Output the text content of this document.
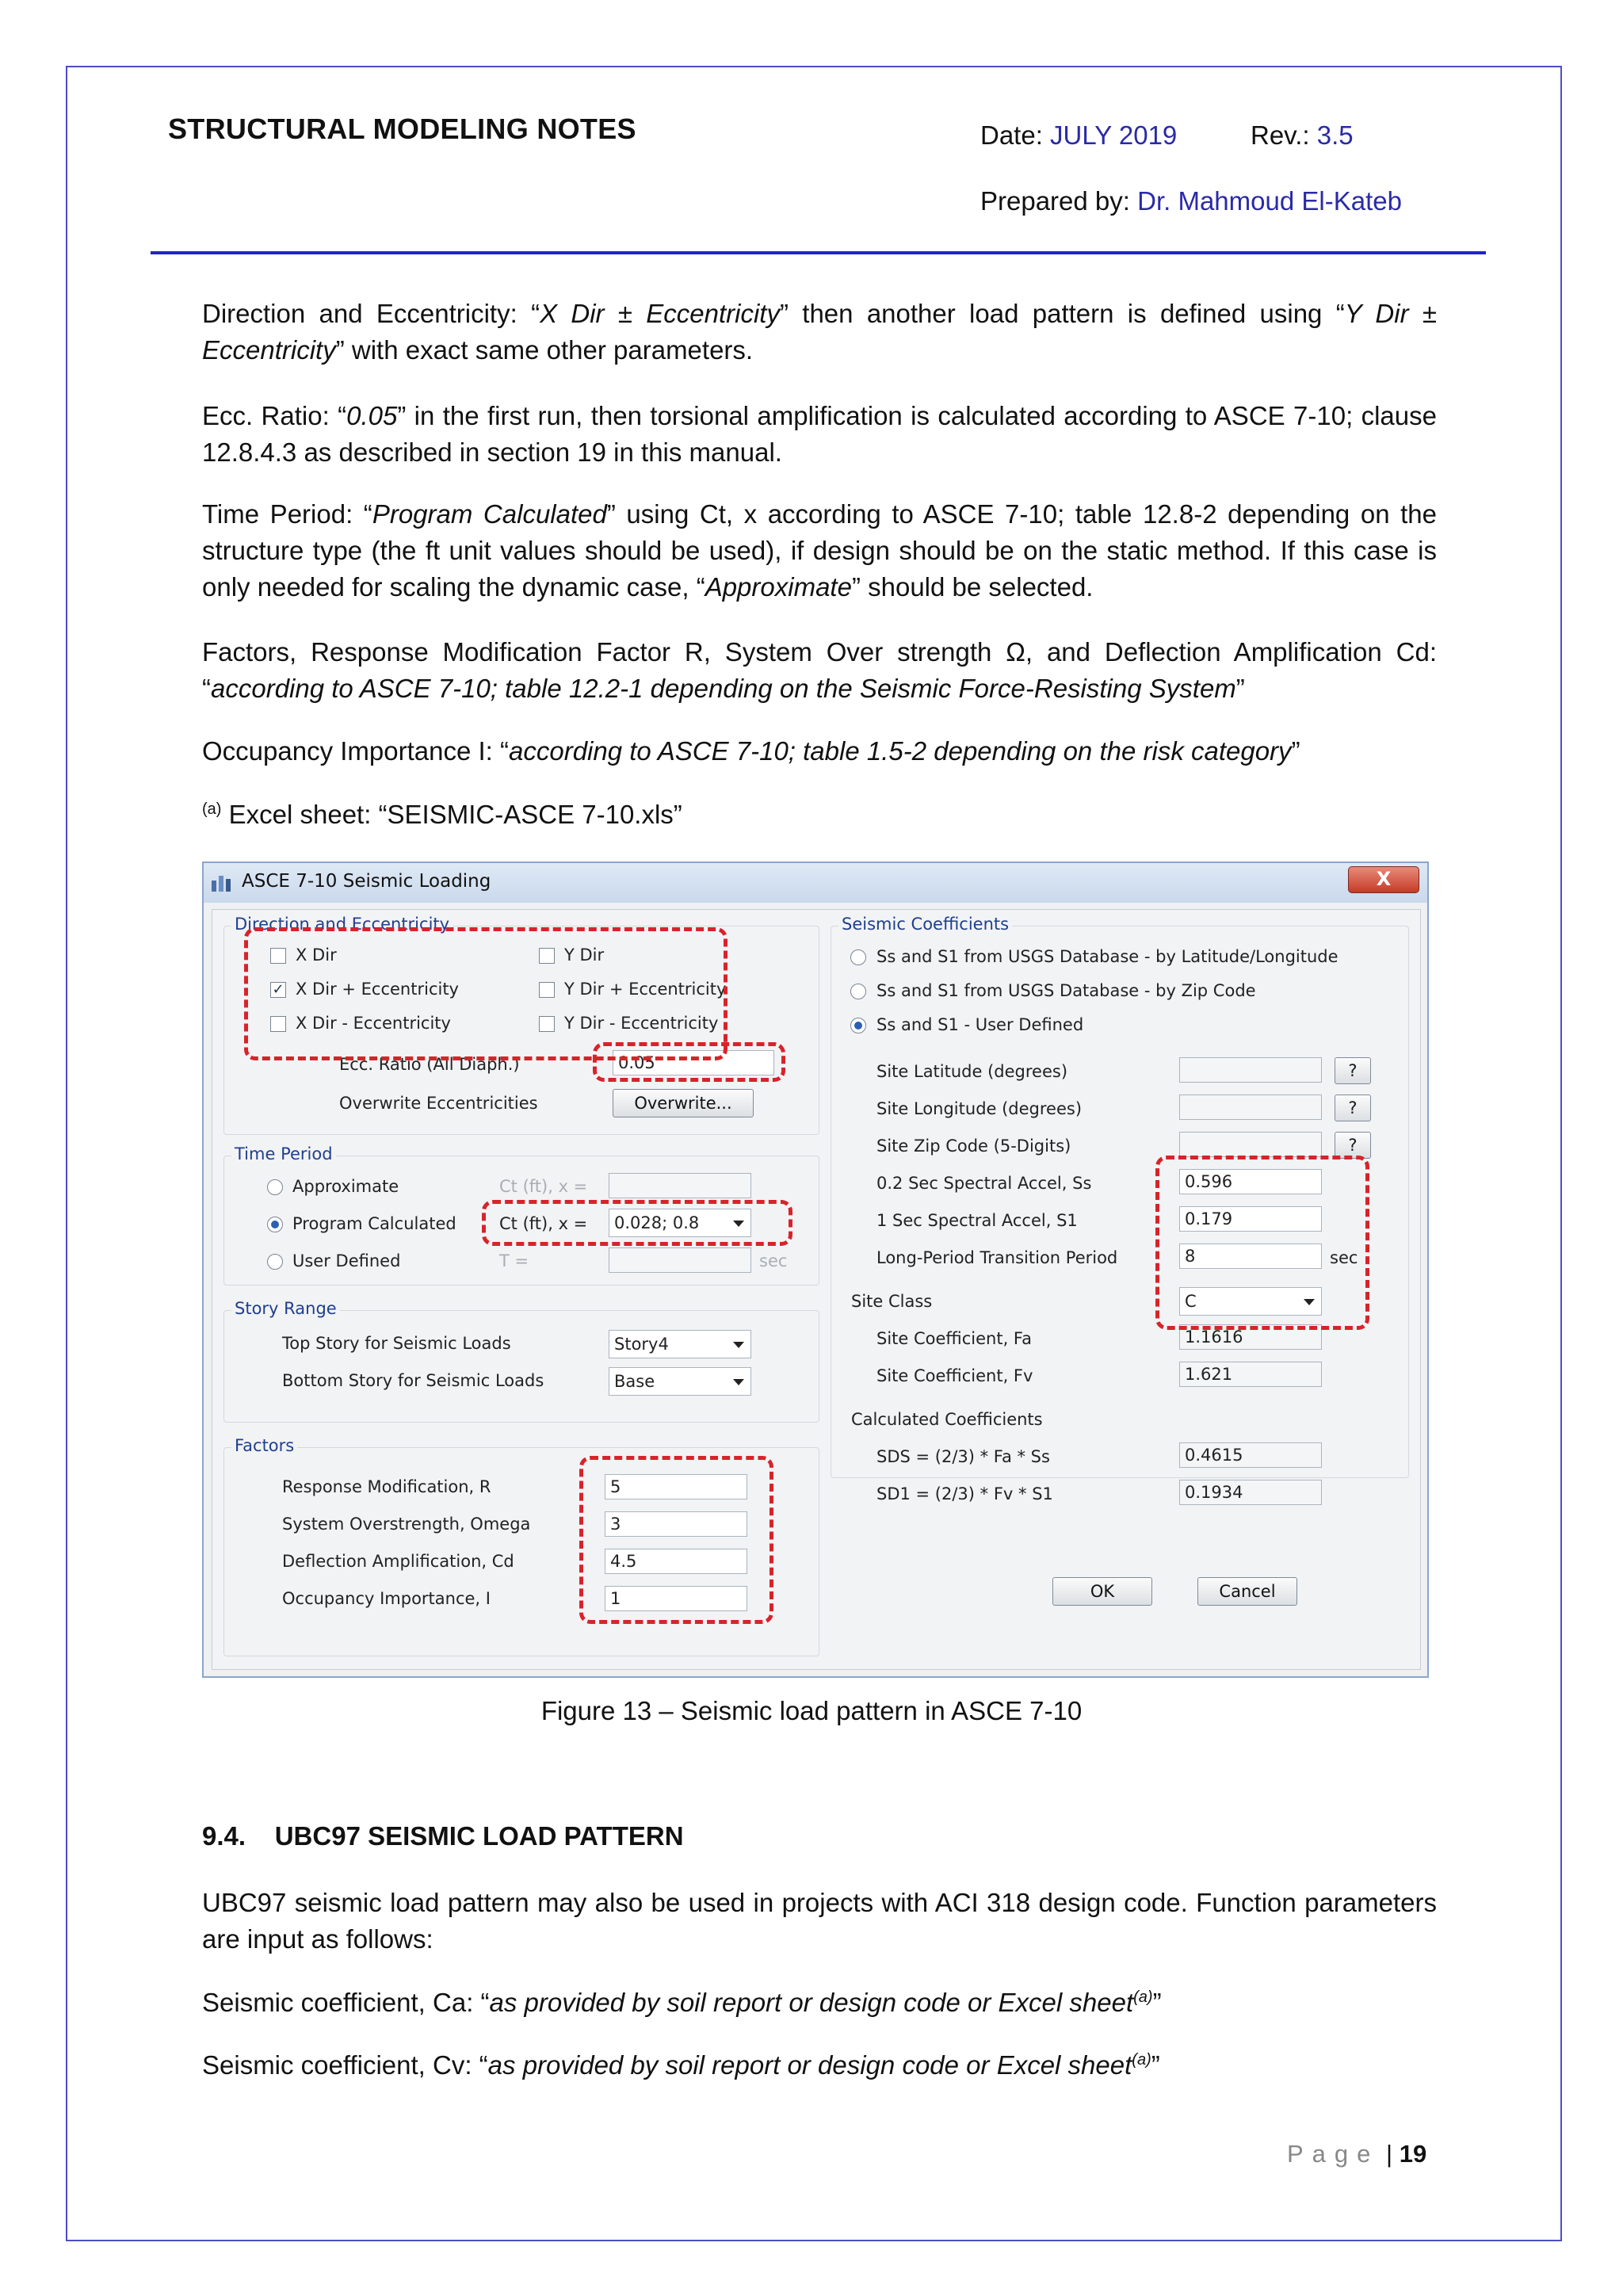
STRUCTURAL MODELING NOTES	Date: JULY 2019	Rev.: 3.5
Prepared by: Dr. Mahmoud El-Kateb
Direction and Eccentricity: “X Dir ± Eccentricity” then another load pattern is defined using “Y Dir ± Eccentricity” with exact same other parameters.
Ecc. Ratio: “0.05” in the first run, then torsional amplification is calculated according to ASCE 7-10; clause 12.8.4.3 as described in section 19 in this manual.
Time Period: “Program Calculated” using Ct, x according to ASCE 7-10; table 12.8-2 depending on the structure type (the ft unit values should be used), if design should be on the static method. If this case is only needed for scaling the dynamic case, “Approximate” should be selected.
Factors, Response Modification Factor R, System Over strength Ω, and Deflection Amplification Cd: “according to ASCE 7-10; table 12.2-1 depending on the Seismic Force-Resisting System”
Occupancy Importance I: “according to ASCE 7-10; table 1.5-2 depending on the risk category”
$^{(a)}$ Excel sheet: “SEISMIC-ASCE 7-10.xls”
ASCE 7-10 Seismic Loading	X
Direction and Eccentricity
X Dir
✓ X Dir + Eccentricity
X Dir - Eccentricity
Y Dir
Y Dir + Eccentricity
Y Dir - Eccentricity
Ecc. Ratio (All Diaph.)	0.05
Overwrite Eccentricities	Overwrite...
Time Period
Approximate
Program Calculated
User Defined
Ct (ft), x =
Ct (ft), x =	0.028; 0.8
T =	sec
Story Range
Top Story for Seismic Loads	Story4
Bottom Story for Seismic Loads	Base
Factors
Response Modification, R	5
System Overstrength, Omega	3
Deflection Amplification, Cd	4.5
Occupancy Importance, I	1
Seismic Coefficients
Ss and S1 from USGS Database - by Latitude/Longitude
Ss and S1 from USGS Database - by Zip Code
Ss and S1 - User Defined
Site Latitude (degrees)	?
Site Longitude (degrees)	?
Site Zip Code (5-Digits)	?
0.2 Sec Spectral Accel, Ss	0.596
1 Sec Spectral Accel, S1	0.179
Long-Period Transition Period	8	sec
Site Class	C
Site Coefficient, Fa	1.1616
Site Coefficient, Fv	1.621
Calculated Coefficients
SDS = (2/3) * Fa * Ss	0.4615
SD1 = (2/3) * Fv * S1	0.1934
OK	Cancel
Figure 13 – Seismic load pattern in ASCE 7-10
9.4.    UBC97 SEISMIC LOAD PATTERN
UBC97 seismic load pattern may also be used in projects with ACI 318 design code. Function parameters are input as follows:
Seismic coefficient, Ca: “as provided by soil report or design code or Excel sheet$^{(a)}$”
Seismic coefficient, Cv: “as provided by soil report or design code or Excel sheet$^{(a)}$”
Page | 19
